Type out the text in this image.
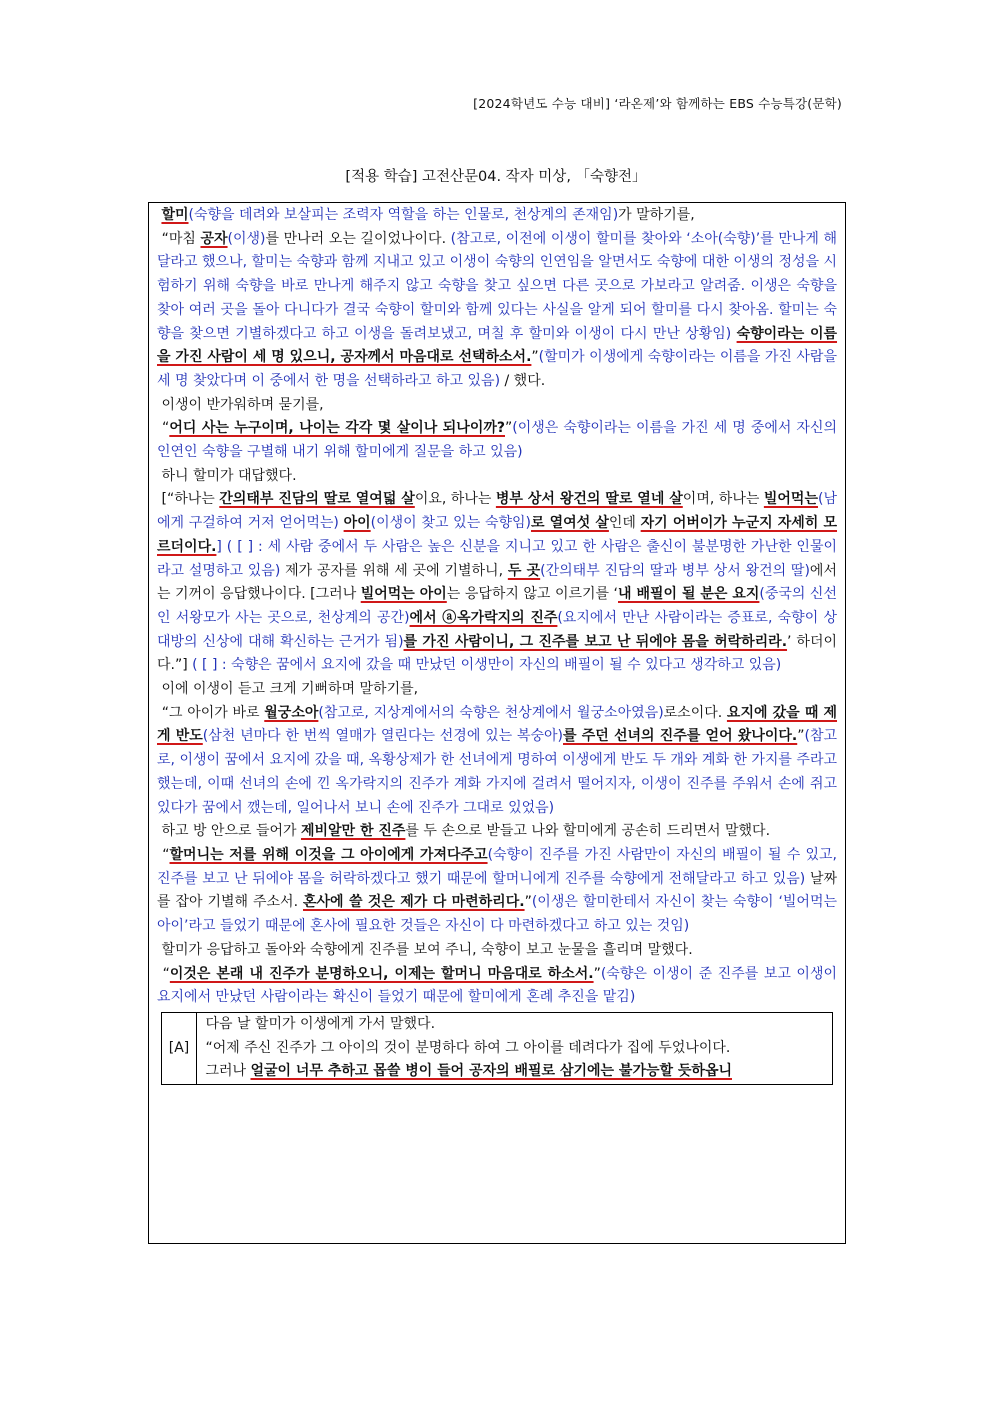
[2024학년도 수능 대비] ‘라온제’와 함께하는 EBS 수능특강(문학)
[적용 학습] 고전산문04. 작자 미상, 「숙향전」

할미(숙향을 데려와 보살피는 조력자 역할을 하는 인물로, 천상계의 존재임)가 말하기를,

“마침 공자(이생)를 만나러 오는 길이었나이다. (참고로, 이전에 이생이 할미를 찾아와 ‘소아(숙향)’를 만나게 해달라고 했으나, 할미는 숙향과 함께 지내고 있고 이생이 숙향의 인연임을 알면서도 숙향에 대한 이생의 정성을 시험하기 위해 숙향을 바로 만나게 해주지 않고 숙향을 찾고 싶으면 다른 곳으로 가보라고 알려줌. 이생은 숙향을 찾아 여러 곳을 돌아 다니다가 결국 숙향이 할미와 함께 있다는 사실을 알게 되어 할미를 다시 찾아옴. 할미는 숙향을 찾으면 기별하겠다고 하고 이생을 돌려보냈고, 며칠 후 할미와 이생이 다시 만난 상황임) 숙향이라는 이름을 가진 사람이 세 명 있으니, 공자께서 마음대로 선택하소서.”(할미가 이생에게 숙향이라는 이름을 가진 사람을 세 명 찾았다며 이 중에서 한 명을 선택하라고 하고 있음) / 했다.

이생이 반가워하며 묻기를,

“어디 사는 누구이며, 나이는 각각 몇 살이나 되나이까?”(이생은 숙향이라는 이름을 가진 세 명 중에서 자신의 인연인 숙향을 구별해 내기 위해 할미에게 질문을 하고 있음)

하니 할미가 대답했다.

[“하나는 간의태부 진담의 딸로 열여덟 살이요, 하나는 병부 상서 왕건의 딸로 열네 살이며, 하나는 빌어먹는(남에게 구걸하여 거저 얻어먹는) 아이(이생이 찾고 있는 숙향임)로 열여섯 살인데 자기 어버이가 누군지 자세히 모르더이다.] ( [ ] : 세 사람 중에서 두 사람은 높은 신분을 지니고 있고 한 사람은 출신이 불분명한 가난한 인물이라고 설명하고 있음) 제가 공자를 위해 세 곳에 기별하니, 두 곳(간의태부 진담의 딸과 병부 상서 왕건의 딸)에서는 기꺼이 응답했나이다. [그러나 빌어먹는 아이는 응답하지 않고 이르기를 ‘내 배필이 될 분은 요지(중국의 신선인 서왕모가 사는 곳으로, 천상계의 공간)에서 ⓐ옥가락지의 진주(요지에서 만난 사람이라는 증표로, 숙향이 상대방의 신상에 대해 확신하는 근거가 됨)를 가진 사람이니, 그 진주를 보고 난 뒤에야 몸을 허락하리라.’ 하더이다.”] ( [ ] : 숙향은 꿈에서 요지에 갔을 때 만났던 이생만이 자신의 배필이 될 수 있다고 생각하고 있음)

이에 이생이 듣고 크게 기뻐하며 말하기를,

“그 아이가 바로 월궁소아(참고로, 지상계에서의 숙향은 천상계에서 월궁소아였음)로소이다. 요지에 갔을 때 제게 반도(삼천 년마다 한 번씩 열매가 열린다는 선경에 있는 복숭아)를 주던 선녀의 진주를 얻어 왔나이다.”(참고로, 이생이 꿈에서 요지에 갔을 때, 옥황상제가 한 선녀에게 명하여 이생에게 반도 두 개와 계화 한 가지를 주라고 했는데, 이때 선녀의 손에 낀 옥가락지의 진주가 계화 가지에 걸려서 떨어지자, 이생이 진주를 주워서 손에 쥐고 있다가 꿈에서 깼는데, 일어나서 보니 손에 진주가 그대로 있었음)

하고 방 안으로 들어가 제비알만 한 진주를 두 손으로 받들고 나와 할미에게 공손히 드리면서 말했다.

“할머니는 저를 위해 이것을 그 아이에게 가져다주고(숙향이 진주를 가진 사람만이 자신의 배필이 될 수 있고, 진주를 보고 난 뒤에야 몸을 허락하겠다고 했기 때문에 할머니에게 진주를 숙향에게 전해달라고 하고 있음) 날짜를 잡아 기별해 주소서. 혼사에 쓸 것은 제가 다 마련하리다.”(이생은 할미한테서 자신이 찾는 숙향이 ‘빌어먹는 아이’라고 들었기 때문에 혼사에 필요한 것들은 자신이 다 마련하겠다고 하고 있는 것임)

할미가 응답하고 돌아와 숙향에게 진주를 보여 주니, 숙향이 보고 눈물을 흘리며 말했다.

“이것은 본래 내 진주가 분명하오니, 이제는 할머니 마음대로 하소서.”(숙향은 이생이 준 진주를 보고 이생이 요지에서 만났던 사람이라는 확신이 들었기 때문에 할미에게 혼례 추진을 맡김)

[A]

다음 날 할미가 이생에게 가서 말했다.

“어제 주신 진주가 그 아이의 것이 분명하다 하여 그 아이를 데려다가 집에 두었나이다.

그러나 얼굴이 너무 추하고 몹쓸 병이 들어 공자의 배필로 삼기에는 불가능할 듯하옵니
